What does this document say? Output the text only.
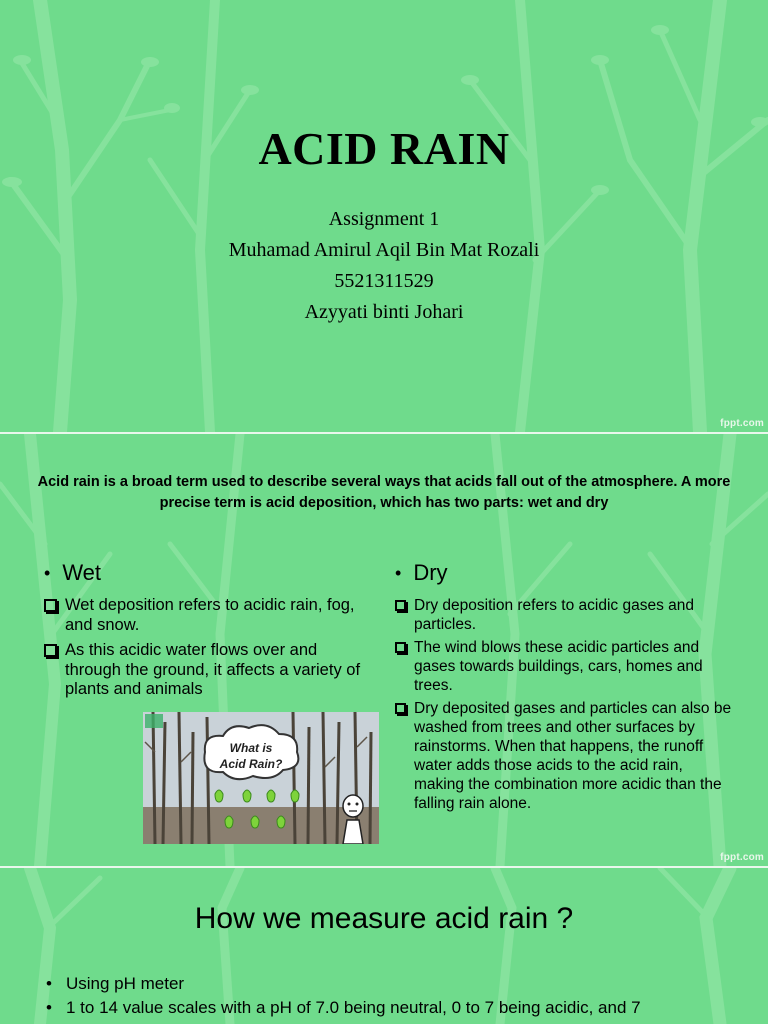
ACID RAIN
Assignment 1
Muhamad Amirul Aqil Bin Mat Rozali
5521311529
Azyyati binti Johari
fppt.com
Acid rain is a broad term used to describe several ways that acids fall out of the atmosphere. A more precise term is acid deposition, which has two parts: wet and dry
• Wet
Wet deposition refers to acidic rain, fog, and snow.
As this acidic water flows over and through the ground, it affects a variety of plants and animals
• Dry
Dry deposition refers to acidic gases and particles.
The wind blows these acidic particles and gases towards buildings, cars, homes and trees.
Dry deposited gases and particles can also be washed from trees and other surfaces by rainstorms. When that happens, the runoff water adds those acids to the acid rain, making the combination more acidic than the falling rain alone.
What is
Acid Rain?
fppt.com
How we measure acid rain ?
• Using pH meter
• 1 to 14 value scales with a pH of 7.0 being neutral, 0 to 7 being acidic, and 7
